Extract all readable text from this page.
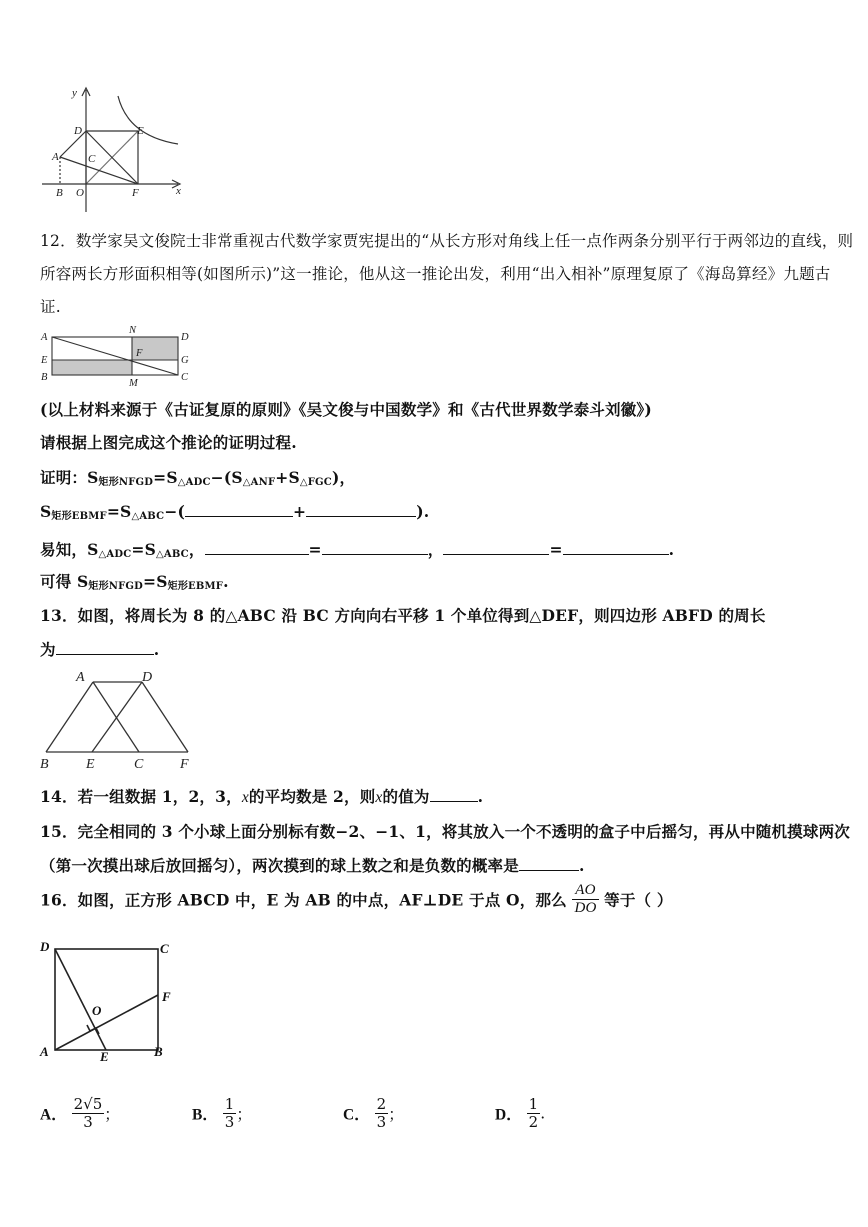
y
D	E
A	C
B O	F	x
12．数学家吴文俊院士非常重视古代数学家贾宪提出的“从长方形对角线上任一点作两条分别平行于两邻边的直线，则
所容两长方形面积相等(如图所示)”这一推论，他从这一推论出发，利用“出入相补”原理复原了《海岛算经》九题古
证.
A
N
D
E
F
G
B
M
C
(以上材料来源于《古证复原的原则》《吴文俊与中国数学》和《古代世界数学泰斗刘徽》)
请根据上图完成这个推论的证明过程.
证明：$S_{矩形NFGD}=S_{\triangle ADC}-(S_{\triangle ANF}+S_{\triangle FGC})$，
$S_{矩形EBMF}=S_{\triangle ABC}-$(	+	).
易知，$S_{\triangle ADC}=S_{\triangle ABC}$，	=	，	=	.
可得 $S_{矩形NFGD}=S_{矩形EBMF}$.
13．如图，将周长为 8 的△ABC 沿 BC 方向向右平移 1 个单位得到△DEF，则四边形 ABFD 的周长
为	.
A	D
B	E	C	F
14．若一组数据 1，2，3，x的平均数是 2，则x的值为	.
15．完全相同的 3 个小球上面分别标有数−2、−1、1，将其放入一个不透明的盒子中后摇匀，再从中随机摸球两次
（第一次摸出球后放回摇匀），两次摸到的球上数之和是负数的概率是	.
16．如图，正方形 ABCD 中，E 为 AB 的中点，AF⊥DE 于点 O，那么 $\frac{AO}{DO}$ 等于（ ）
D	C
F
O
A	E	B
A． $\frac{2√5}{3}$ ；	B． $\frac{1}{3}$ ；	C． $\frac{2}{3}$ ；	D． $\frac{1}{2}$ .
